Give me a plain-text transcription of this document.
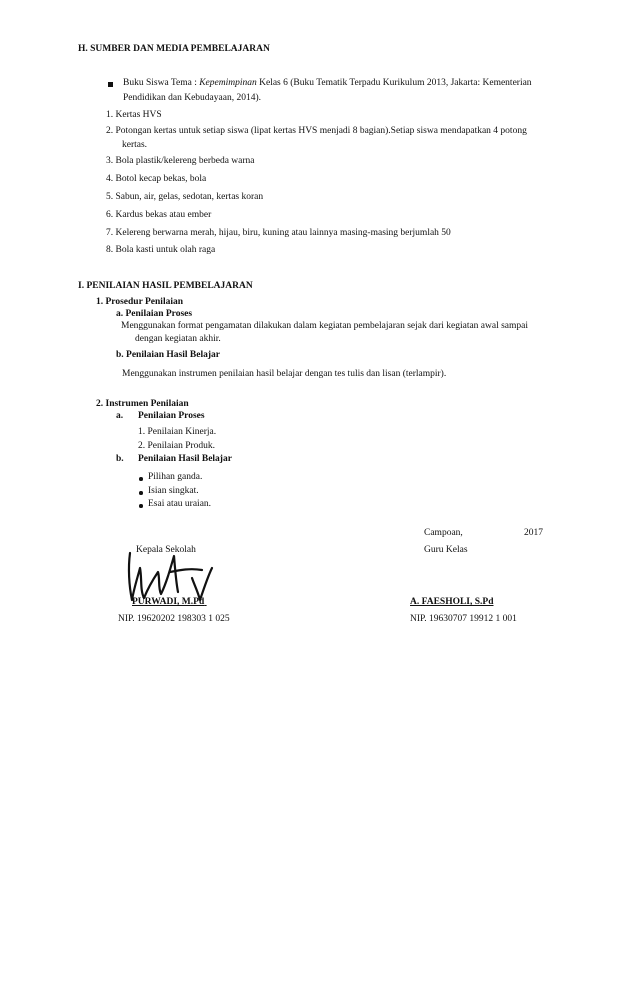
H. SUMBER DAN MEDIA PEMBELAJARAN
Buku Siswa Tema : Kepemimpinan Kelas 6 (Buku Tematik Terpadu Kurikulum 2013, Jakarta: Kementerian
Pendidikan dan Kebudayaan, 2014).
1. Kertas HVS
2. Potongan kertas untuk setiap siswa (lipat kertas HVS menjadi 8 bagian).Setiap siswa mendapatkan 4 potong
kertas.
3. Bola plastik/kelereng berbeda warna
4. Botol kecap bekas, bola
5. Sabun, air, gelas, sedotan, kertas koran
6. Kardus bekas atau ember
7. Kelereng berwarna merah, hijau, biru, kuning atau lainnya masing-masing berjumlah 50
8. Bola kasti untuk olah raga
I. PENILAIAN HASIL PEMBELAJARAN
1. Prosedur Penilaian
a. Penilaian Proses
Menggunakan format pengamatan dilakukan dalam kegiatan pembelajaran sejak dari kegiatan awal sampai
dengan kegiatan akhir.
b. Penilaian Hasil Belajar
Menggunakan instrumen penilaian hasil belajar dengan tes tulis dan lisan (terlampir).
2. Instrumen Penilaian
a. Penilaian Proses
1. Penilaian Kinerja.
2. Penilaian Produk.
b. Penilaian Hasil Belajar
Pilihan ganda.
Isian singkat.
Esai atau uraian.
Campoan,	2017
Kepala Sekolah	Guru Kelas
PURWADI, M.Pd
NIP. 19620202 198303 1 025
A. FAESHOLI, S.Pd
NIP. 19630707 19912 1 001
